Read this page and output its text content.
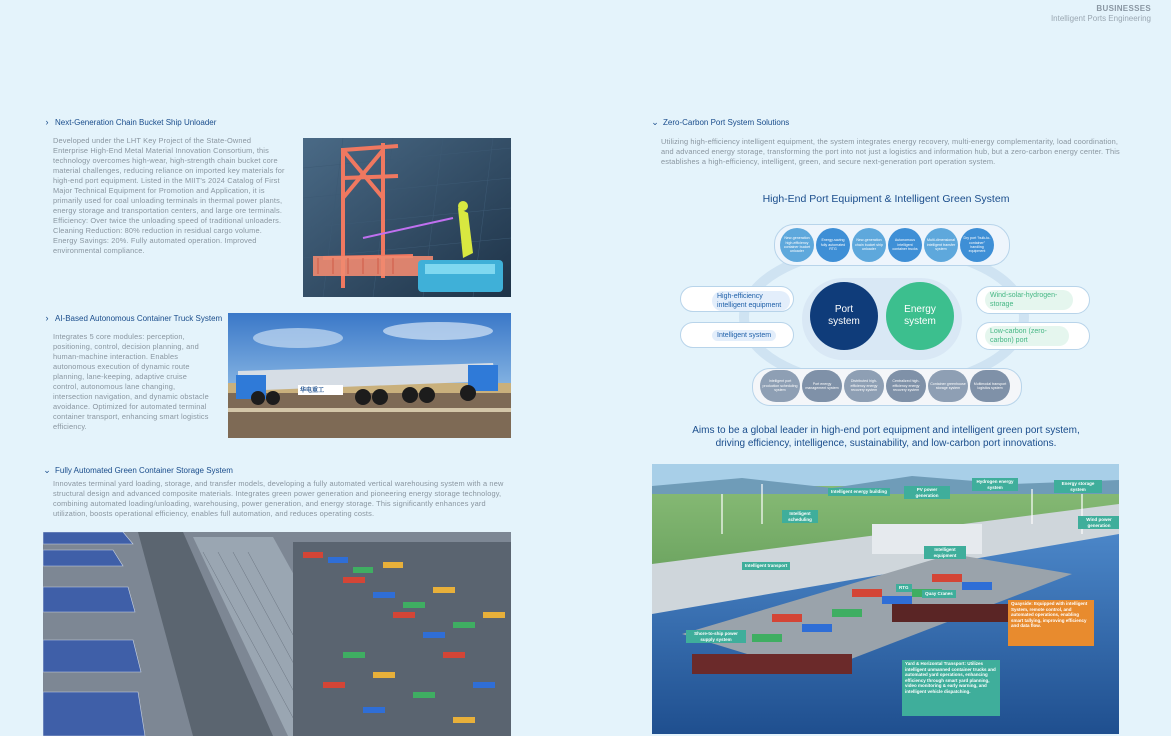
BUSINESSES
Intelligent Ports Engineering
› Next-Generation Chain Bucket Ship Unloader
Developed under the LHT Key Project of the State-Owned Enterprise High-End Metal Material Innovation Consortium, this technology overcomes high-wear, high-strength chain bucket core material challenges, reducing reliance on imported key materials for high-end port equipment. Listed in the MIIT's 2024 Catalog of First Major Technical Equipment for Promotion and Application, it is primarily used for coal unloading terminals in thermal power plants, energy storage and transportation centers, and large ore terminals. Efficiency: Over twice the unloading speed of traditional unloaders. Cleaning Reduction: 80% reduction in residual cargo volume. Energy Savings: 20%. Fully automated operation. Improved environmental compliance.
› AI-Based Autonomous Container Truck System
Integrates 5 core modules: perception, positioning, control, decision planning, and human-machine interaction. Enables autonomous execution of dynamic route planning, lane-keeping, adaptive cruise control, autonomous lane changing, intersection navigation, and dynamic obstacle avoidance. Optimized for automated terminal container transport, enhancing smart logistics efficiency.
华电重工
⌄ Fully Automated Green Container Storage System
Innovates terminal yard loading, storage, and transfer models, developing a fully automated vertical warehousing system with a new structural design and advanced composite materials. Integrates green power generation and pioneering energy storage technology, combining automated loading/unloading, warehousing, power generation, and energy storage. This significantly enhances yard utilization, boosts operational efficiency, enables full automation, and reduces operating costs.
⌄ Zero-Carbon Port System Solutions
Utilizing high-efficiency intelligent equipment, the system integrates energy recovery, multi-energy complementarity, load coordination, and advanced energy storage, transforming the port into not just a logistics and information hub, but a zero-carbon energy center. This establishes a high-efficiency, intelligent, green, and secure next-generation port operation system.
High-End Port Equipment & Intelligent Green System
High-efficiency intelligent equipment
Intelligent system
Wind-solar-hydrogen-storage
Low-carbon (zero-carbon) port
Port system
Energy system
New-generation high-efficiency container bucket unloader
Energy-saving fully automated RTG
New-generation chain bucket ship unloader
Autonomous intelligent container trucks
Multi-dimensional intelligent transfer system
Dry port "bulk-to-container" handling equipment
Intelligent port production scheduling system
Port energy management system
Distributed high-efficiency energy recovery system
Centralized high-efficiency energy recovery system
Container greenhouse storage system
Multimodal transport logistics system
Aims to be a global leader in high-end port equipment and intelligent green port system,
driving efficiency, intelligence, sustainability, and low-carbon port innovations.
Intelligent energy building	PV power generation
Hydrogen energy system
Energy storage system
Wind power generation
Intelligent scheduling
Intelligent equipment
Intelligent transport
RTG
Quay Cranes
Shore-to-ship power supply system
Quayside: Equipped with intelligent System, remote control, and automated operations, enabling smart tallying, improving efficiency and data flow.
Yard & Horizontal Transport: Utilizes intelligent unmanned container trucks and automated yard operations, enhancing efficiency through smart yard planning, video monitoring & early warning, and intelligent vehicle dispatching.
